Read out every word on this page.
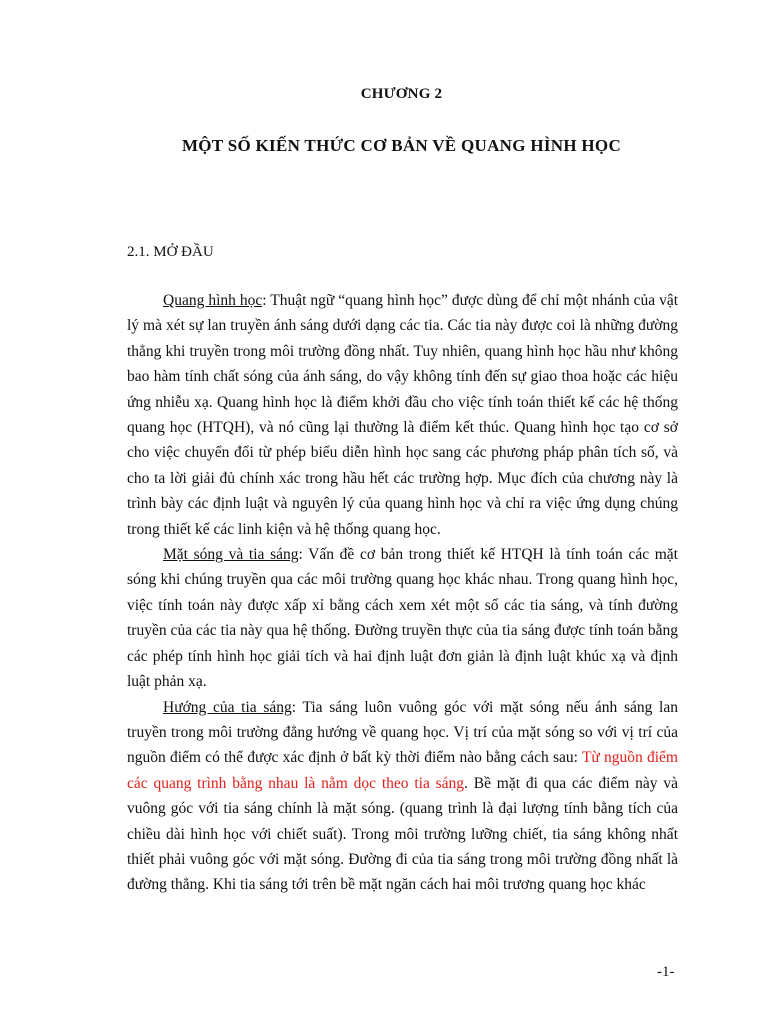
CHƯƠNG 2
MỘT SỐ KIẾN THỨC CƠ BẢN VỀ QUANG HÌNH HỌC
2.1. MỞ ĐẦU

Quang hình học: Thuật ngữ “quang hình học” được dùng để chỉ một nhánh của vật lý mà xét sự lan truyền ánh sáng dưới dạng các tia. Các tia này được coi là những đường thẳng khi truyền trong môi trường đồng nhất. Tuy nhiên, quang hình học hầu như không bao hàm tính chất sóng của ánh sáng, do vậy không tính đến sự giao thoa hoặc các hiệu ứng nhiễu xạ. Quang hình học là điểm khởi đầu cho việc tính toán thiết kế các hệ thống quang học (HTQH), và nó cũng lại thường là điểm kết thúc. Quang hình học tạo cơ sở cho việc chuyển đổi từ phép biểu diễn hình học sang các phương pháp phân tích số, và cho ta lời giải đủ chính xác trong hầu hết các trường hợp. Mục đích của chương này là trình bày các định luật và nguyên lý của quang hình học và chỉ ra việc ứng dụng chúng trong thiết kế các linh kiện và hệ thống quang học.

Mặt sóng và tia sáng: Vấn đề cơ bản trong thiết kế HTQH là tính toán các mặt sóng khi chúng truyền qua các môi trường quang học khác nhau. Trong quang hình học, việc tính toán này được xấp xỉ bằng cách xem xét một số các tia sáng, và tính đường truyền của các tia này qua hệ thống. Đường truyền thực của tia sáng được tính toán bằng các phép tính hình học giải tích và hai định luật đơn giản là định luật khúc xạ và định luật phản xạ.

Hướng của tia sáng: Tia sáng luôn vuông góc với mặt sóng nếu ánh sáng lan truyền trong môi trường đẳng hướng về quang học. Vị trí của mặt sóng so với vị trí của nguồn điểm có thể được xác định ở bất kỳ thời điểm nào bằng cách sau: Từ nguồn điểm các quang trình bằng nhau là nằm dọc theo tia sáng. Bề mặt đi qua các điểm này và vuông góc với tia sáng chính là mặt sóng. (quang trình là đại lượng tính bằng tích của chiều dài hình học với chiết suất). Trong môi trường lưỡng chiết, tia sáng không nhất thiết phải vuông góc với mặt sóng. Đường đi của tia sáng trong môi trường đồng nhất là đường thẳng. Khi tia sáng tới trên bề mặt ngăn cách hai môi trương quang học khác

-1-
